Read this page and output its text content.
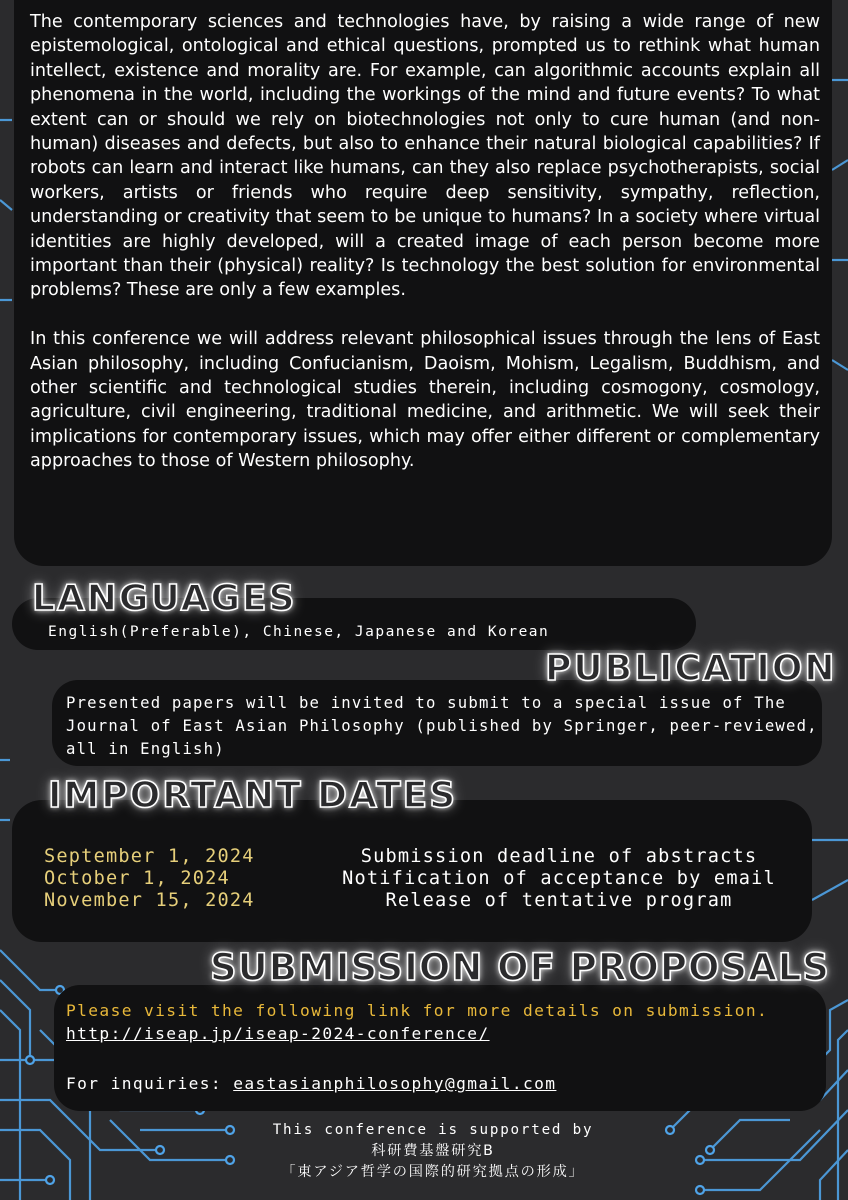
The contemporary sciences and technologies have, by raising a wide range of new epistemological, ontological and ethical questions, prompted us to rethink what human intellect, existence and morality are. For example, can algorithmic accounts explain all phenomena in the world, including the workings of the mind and future events? To what extent can or should we rely on biotechnologies not only to cure human (and non-human) diseases and defects, but also to enhance their natural biological capabilities? If robots can learn and interact like humans, can they also replace psychotherapists, social workers, artists or friends who require deep sensitivity, sympathy, reflection, understanding or creativity that seem to be unique to humans? In a society where virtual identities are highly developed, will a created image of each person become more important than their (physical) reality? Is technology the best solution for environmental problems? These are only a few examples.

In this conference we will address relevant philosophical issues through the lens of East Asian philosophy, including Confucianism, Daoism, Mohism, Legalism, Buddhism, and other scientific and technological studies therein, including cosmogony, cosmology, agriculture, civil engineering, traditional medicine, and arithmetic. We will seek their implications for contemporary issues, which may offer either different or complementary approaches to those of Western philosophy.

LANGUAGES
English(Preferable), Chinese, Japanese and Korean
PUBLICATION
Presented papers will be invited to submit to a special issue of The Journal of East Asian Philosophy (published by Springer, peer-reviewed, all in English)
IMPORTANT DATES
September 1, 2024
October 1, 2024
November 15, 2024
Submission deadline of abstracts
Notification of acceptance by email
Release of tentative program
SUBMISSION OF PROPOSALS
Please visit the following link for more details on submission.
http://iseap.jp/iseap-2024-conference/
For inquiries: eastasianphilosophy@gmail.com
This conference is supported by
科研費基盤研究B
「東アジア哲学の国際的研究拠点の形成」
